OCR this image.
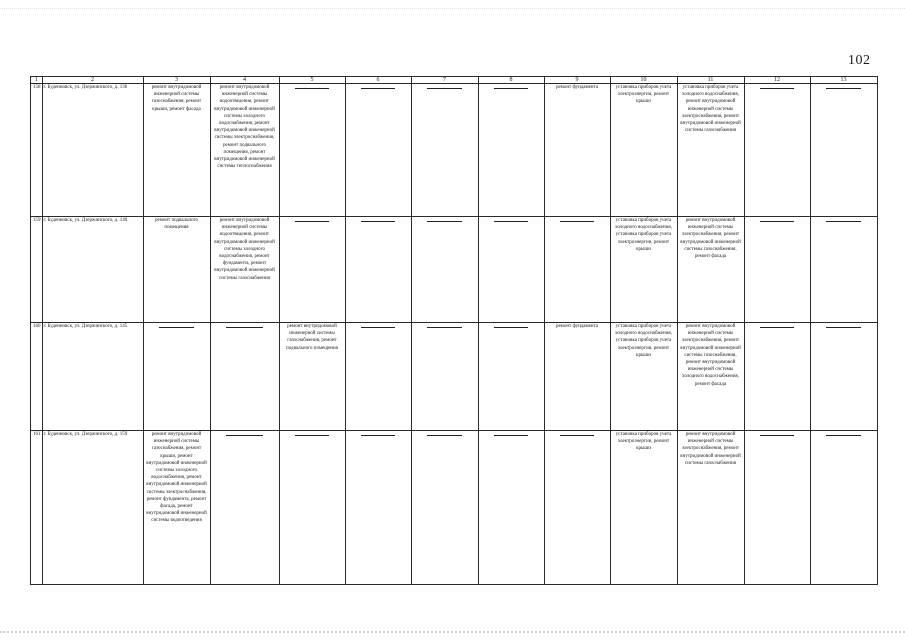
102
1	2	3	4	5	6	7	8	9	10	11	12	13
158	г. Буденновск, ул. Дзержинского, д. 136	ремонт внутридомовой инженерной системы газоснабжения, ремонт крыши, ремонт фасада	ремонт внутридомовой инженерной системы водоотведения, ремонт внутридомовой инженерной системы холодного водоснабжения, ремонт внутридомовой инженерной системы электроснабжения, ремонт подвального помещения, ремонт внутридомовой инженерной системы теплоснабжения					ремонт фундамента	установка приборов учета электроэнергии, ремонт крыши	установка приборов учета холодного водоснабжения, ремонт внутридомовой инженерной системы электроснабжения, ремонт внутридомовой инженерной системы газоснабжения	

159	г. Буденновск, ул. Дзержинского, д. 140	ремонт подвального помещения	ремонт внутридомовой инженерной системы водоотведения, ремонт внутридомовой инженерной системы холодного водоснабжения, ремонт фундамента, ремонт внутридомовой инженерной системы газоснабжения						установка приборов учета холодного водоснабжения, установка приборов учета электроэнергии, ремонт крыши	ремонт внутридомовой инженерной системы электроснабжения, ремонт внутридомовой инженерной системы газоснабжения, ремонт фасада	

160	г. Буденновск, ул. Дзержинского, д. 145			ремонт внутридомовой инженерной системы газоснабжения, ремонт подвального помещения				ремонт фундамента	установка приборов учета холодного водоснабжения, установка приборов учета электроэнергии, ремонт крыши	ремонт внутридомовой инженерной системы электроснабжения, ремонт внутридомовой инженерной системы газоснабжения, ремонт внутридомовой инженерной системы холодного водоснабжения, ремонт фасада	

161	г. Буденновск, ул. Дзержинского, д. 159	ремонт внутридомовой инженерной системы газоснабжения, ремонт крыши, ремонт внутридомовой инженерной системы холодного водоснабжения, ремонт внутридомовой инженерной системы электроснабжения, ремонт фундамента, ремонт фасада, ремонт внутридомовой инженерной системы водоотведения							установка приборов учета электроэнергии, ремонт крыши	ремонт внутридомовой инженерной системы электроснабжения, ремонт внутридомовой инженерной системы газоснабжения	
